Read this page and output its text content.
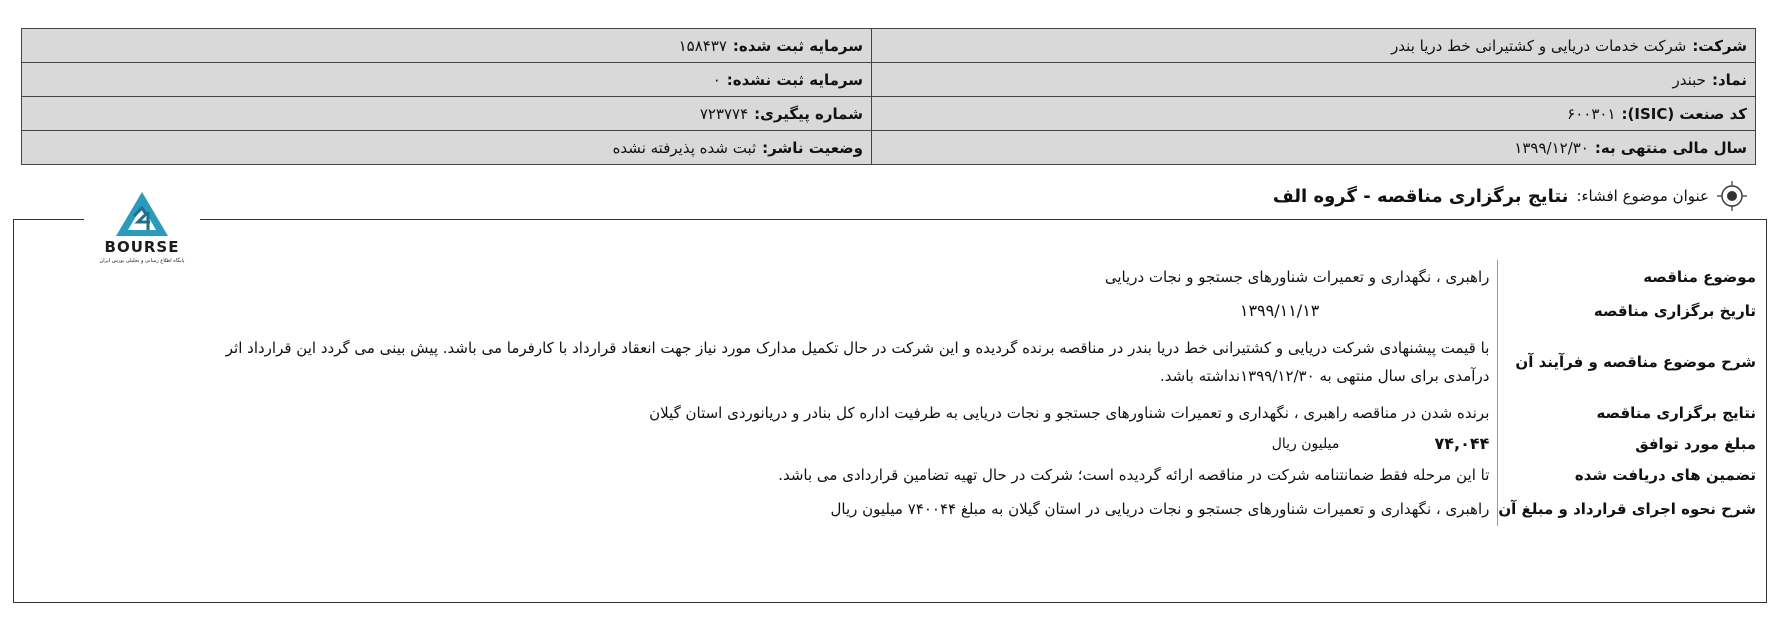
شرکت:شرکت خدمات دریایی و کشتیرانی خط دریا بندر	سرمایه ثبت شده:۱۵۸۴۳۷
نماد:حبندر	سرمایه ثبت نشده:۰
کد صنعت (ISIC):۶۰۰۳۰۱	شماره پیگیری:۷۲۳۷۷۴
سال مالی منتهی به:۱۳۹۹/۱۲/۳۰	وضعیت ناشر:ثبت شده پذیرفته نشده
عنوان موضوع افشاء:
نتایج برگزاری مناقصه - گروه الف
موضوع مناقصه	راهبری ، نگهداری و تعمیرات شناورهای جستجو و نجات دریایی
تاریخ برگزاری مناقصه	۱۳۹۹/۱۱/۱۳
شرح موضوع مناقصه و فرآیند آن	با قیمت پیشنهادی شرکت دریایی و کشتیرانی خط دریا بندر در مناقصه برنده گردیده و این شرکت در حال تکمیل مدارک مورد نیاز جهت انعقاد قرارداد با کارفرما می باشد. پیش بینی می گردد این قرارداد اثر درآمدی برای سال منتهی به ۱۳۹۹/۱۲/۳۰نداشته باشد.

نتایج برگزاری مناقصه	برنده شدن در مناقصه راهبری ، نگهداری و تعمیرات شناورهای جستجو و نجات دریایی به طرفیت اداره کل بنادر و دریانوردی استان گیلان
مبلغ مورد توافق	۷۴,۰۴۴
میلیون ریال

تضمین های دریافت شده	تا این مرحله فقط ضمانتنامه شرکت در مناقصه ارائه گردیده است؛ شرکت در حال تهیه تضامین قراردادی می باشد.
شرح نحوه اجرای قرارداد و مبلغ آن	راهبری ، نگهداری و تعمیرات شناورهای جستجو و نجات دریایی در استان گیلان به مبلغ ۷۴۰۰۴۴ میلیون ریال
BOURSE
پایگاه اطلاع رسانی و تحلیلی بورس ایران
